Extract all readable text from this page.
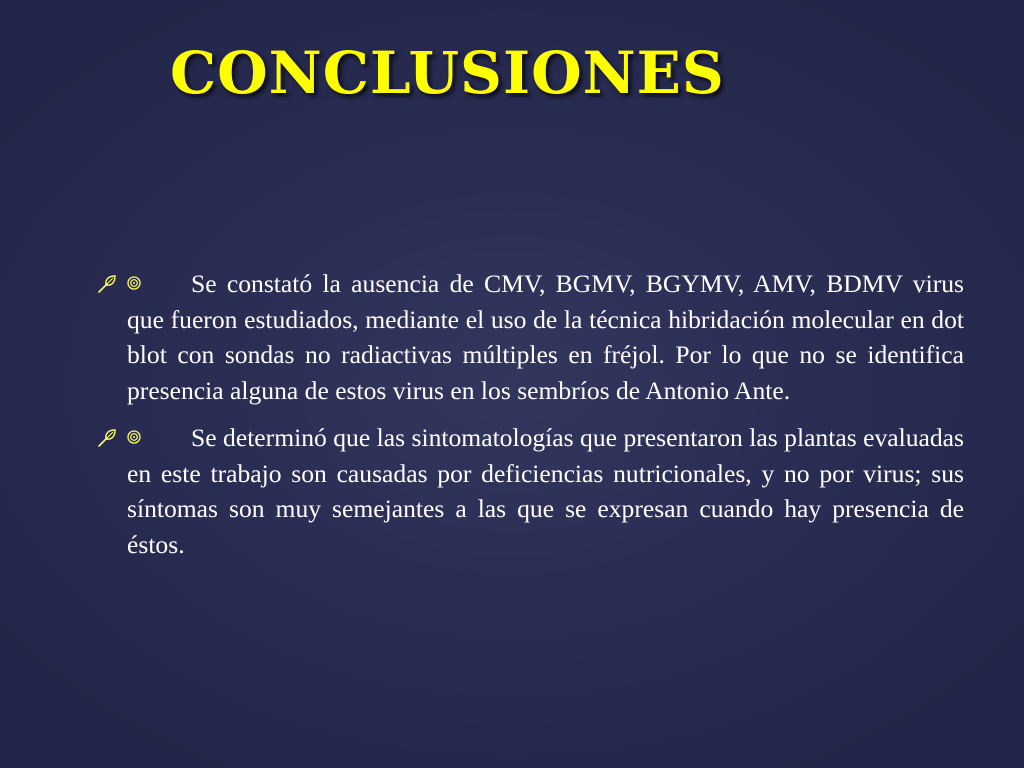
CONCLUSIONES
Se constató la ausencia de CMV, BGMV, BGYMV, AMV, BDMV virus que fueron estudiados, mediante el uso de la técnica hibridación molecular en dot blot con sondas no radiactivas múltiples en fréjol. Por lo que no se identifica presencia alguna de estos virus en los sembríos de Antonio Ante.
Se determinó que las sintomatologías que presentaron las plantas evaluadas en este trabajo son causadas por deficiencias nutricionales, y no por virus; sus síntomas son muy semejantes a las que se expresan cuando hay presencia de éstos.
